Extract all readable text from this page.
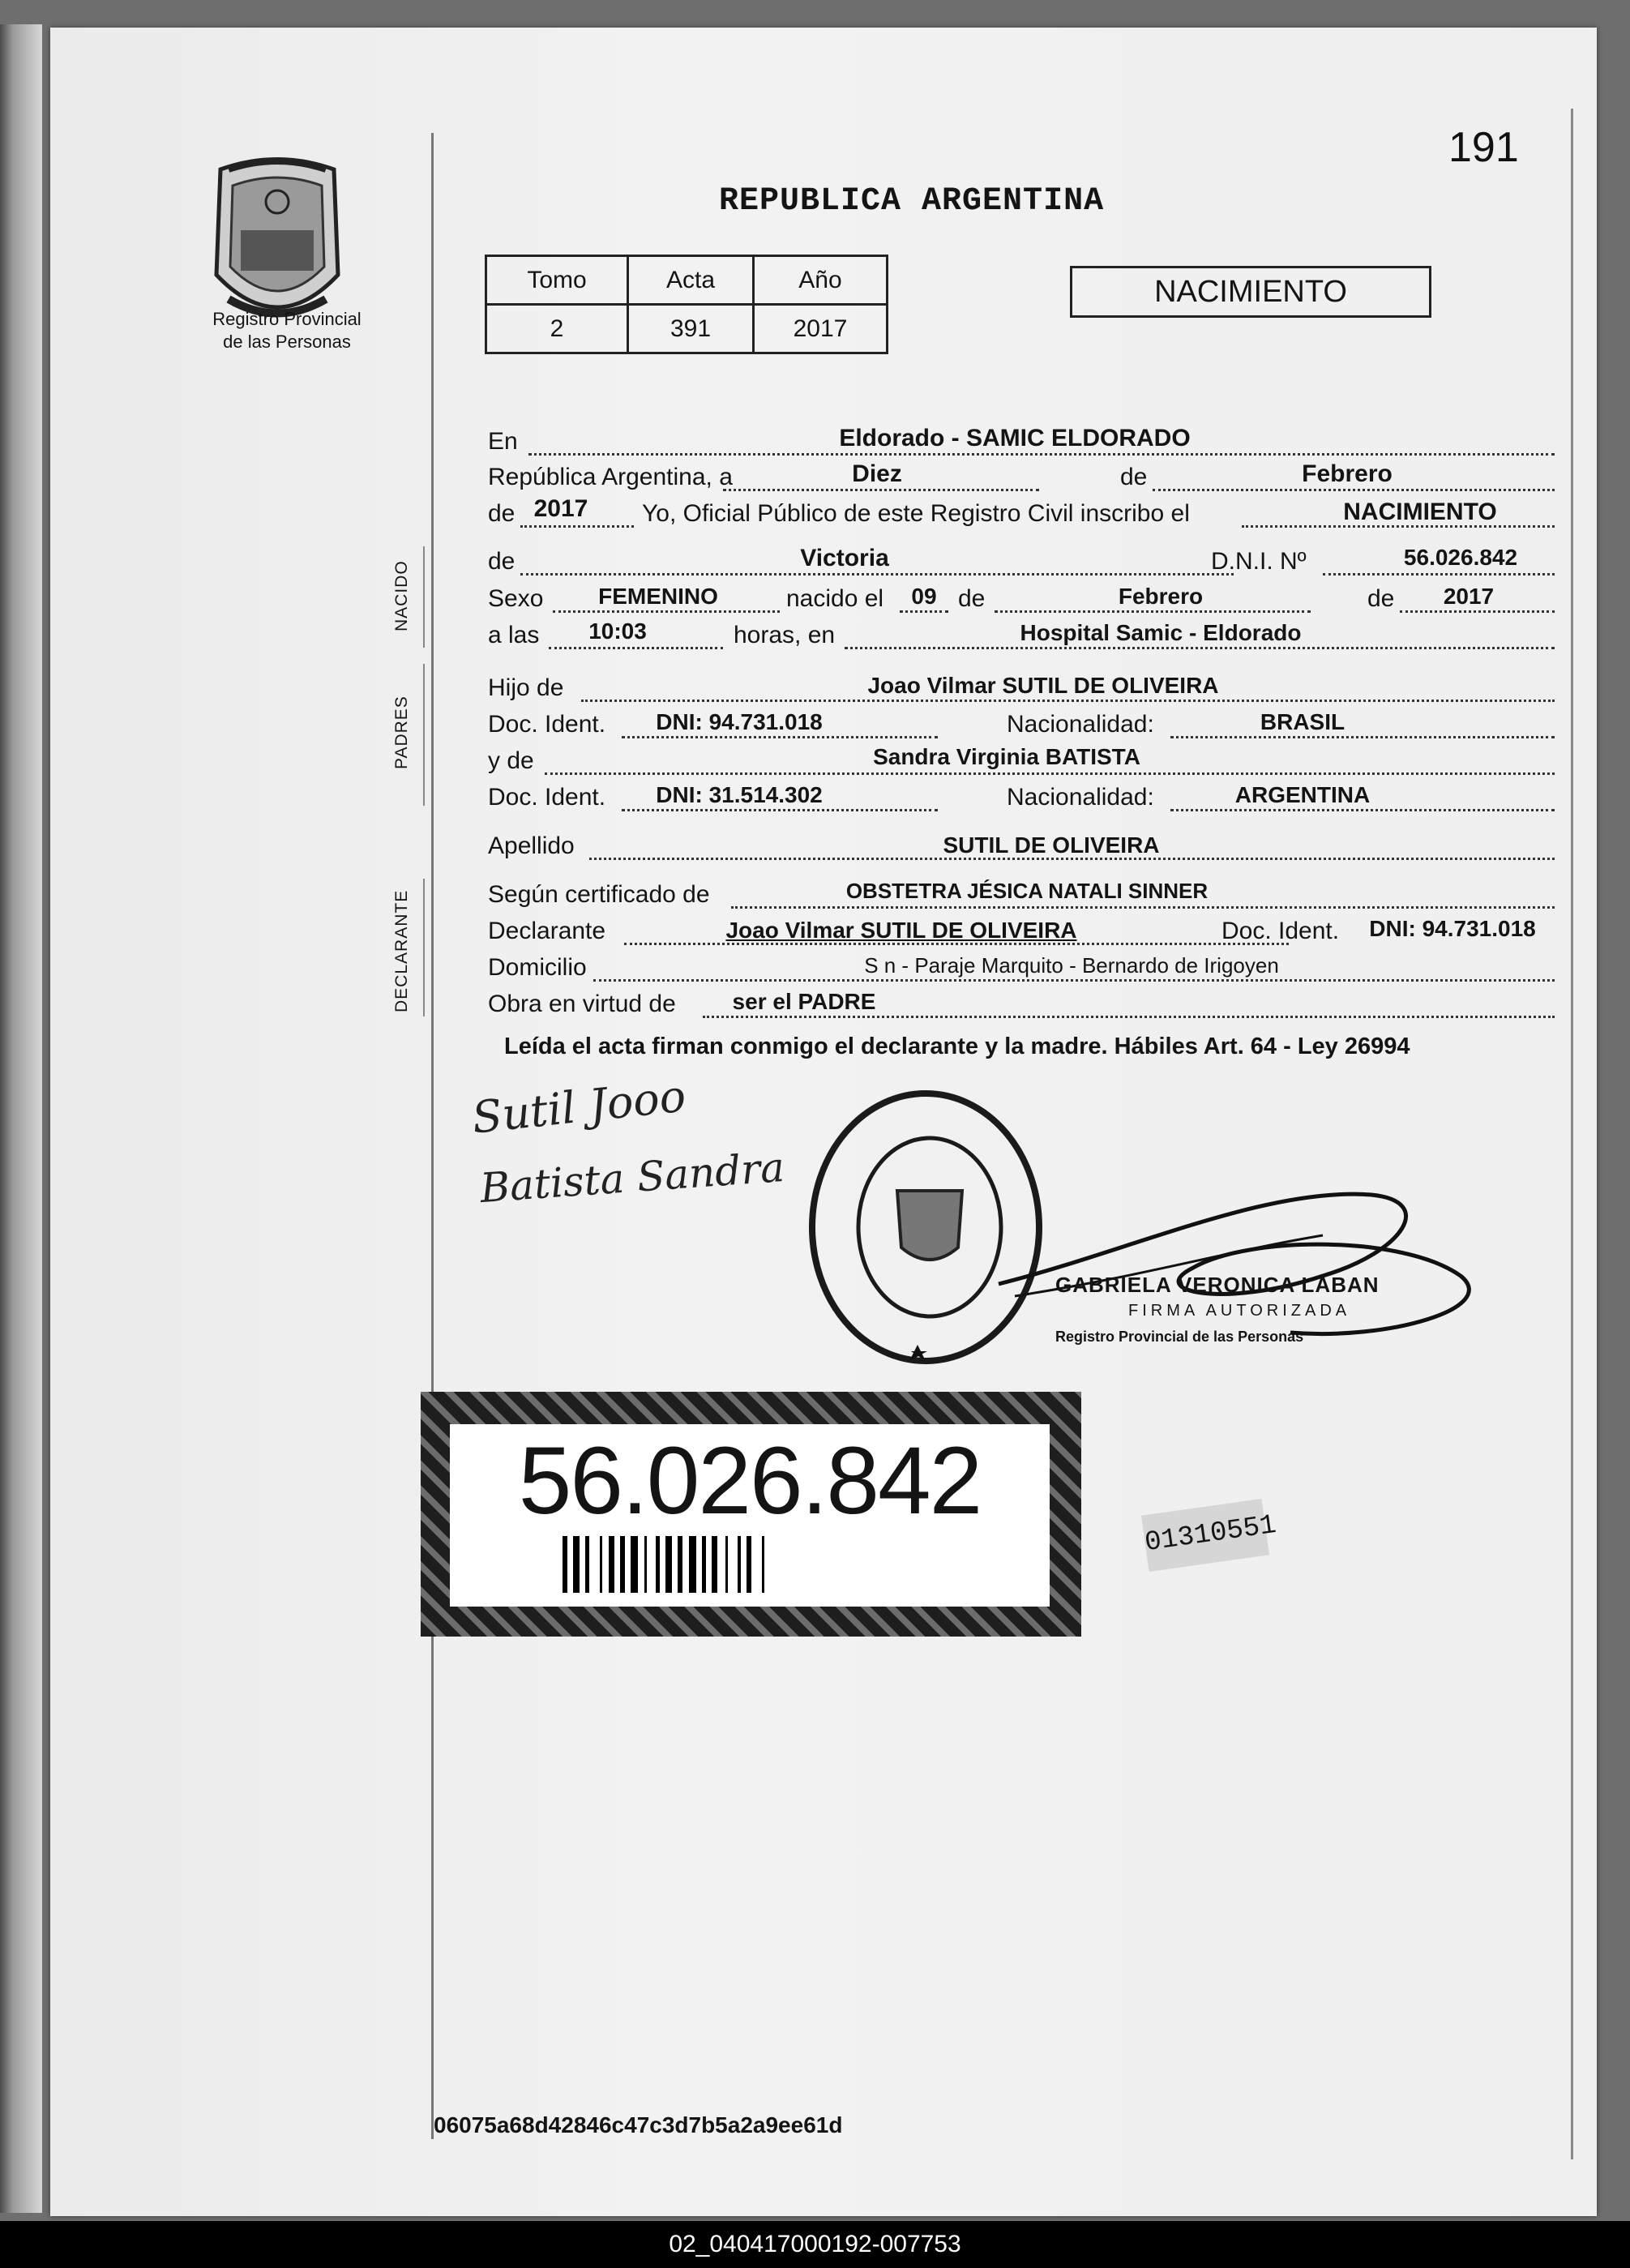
191
Registro Provincial
de las Personas
REPUBLICA ARGENTINA
Tomo	Acta	Año
2	391	2017
NACIMIENTO
NACIDO
PADRES
DECLARANTE
En	Eldorado - SAMIC ELDORADO
República Argentina, a	Diez	de	Febrero
de 2017	Yo, Oficial Público de este Registro Civil inscribo el	NACIMIENTO
de	Victoria	D.N.I. Nº	56.026.842
Sexo	FEMENINO	nacido el	09 de	Febrero	de	2017
a las	10:03	horas, en	Hospital Samic - Eldorado
Hijo de	Joao Vilmar SUTIL DE OLIVEIRA
Doc. Ident.	DNI: 94.731.018	Nacionalidad:	BRASIL
y de	Sandra Virginia BATISTA
Doc. Ident.	DNI: 31.514.302	Nacionalidad:	ARGENTINA
Apellido	SUTIL DE OLIVEIRA
Según certificado de	OBSTETRA JÉSICA NATALI SINNER
Declarante	Joao Vilmar SUTIL DE OLIVEIRA	Doc. Ident.	DNI: 94.731.018
Domicilio	S n - Paraje Marquito - Bernardo de Irigoyen
Obra en virtud de	ser el PADRE
Leída el acta firman conmigo el declarante y la madre. Hábiles Art. 64 - Ley 26994
Sutil Jooo
Batista Sandra
GABRIELA VERONICA LABAN
FIRMA AUTORIZADA
Registro Provincial de las Personas
56.026.842
01310551
06075a68d42846c47c3d7b5a2a9ee61d
02_040417000192-007753
